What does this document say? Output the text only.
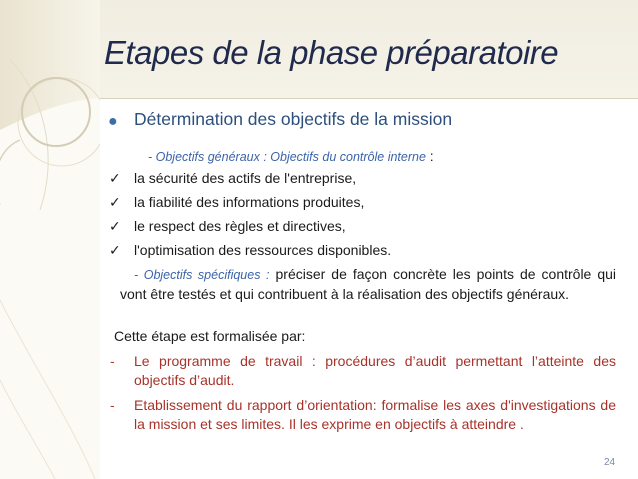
Etapes de la phase préparatoire
● Détermination des objectifs de la mission
- Objectifs généraux : Objectifs du contrôle interne :
✓ la sécurité des actifs de l'entreprise,
✓ la fiabilité des informations produites,
✓ le respect des règles et directives,
✓ l'optimisation des ressources disponibles.
- Objectifs spécifiques : préciser de façon concrète les points de contrôle qui vont être testés et qui contribuent à la réalisation des objectifs généraux.
Cette étape est formalisée par:
- Le programme de travail : procédures d’audit permettant l’atteinte des objectifs d’audit.
- Etablissement du rapport d’orientation: formalise les axes d'investigations de la mission et ses limites. Il les exprime en objectifs à atteindre .
24
